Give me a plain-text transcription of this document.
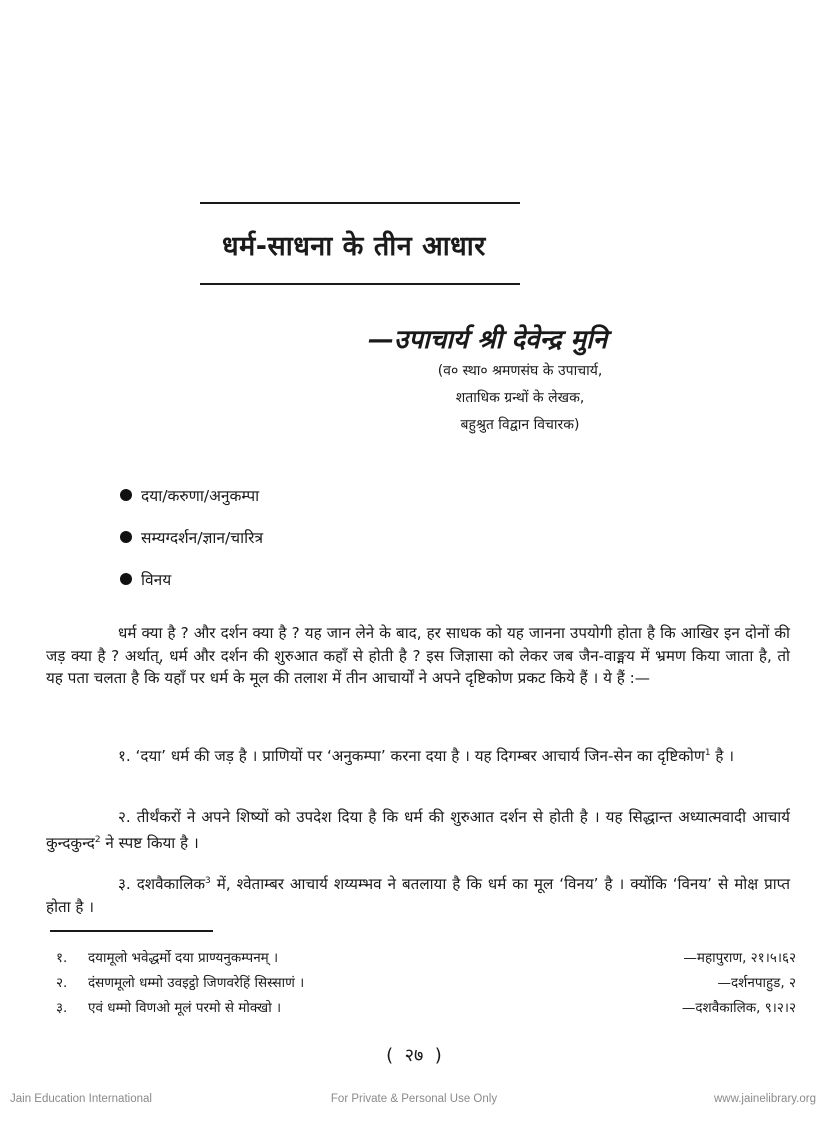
धर्म-साधना के तीन आधार
—उपाचार्य श्री देवेन्द्र मुनि
(व० स्था० श्रमणसंघ के उपाचार्य,
शताधिक ग्रन्थों के लेखक,
बहुश्रुत विद्वान विचारक)
दया/करुणा/अनुकम्पा
सम्यग्दर्शन/ज्ञान/चारित्र
विनय
धर्म क्या है ? और दर्शन क्या है ? यह जान लेने के बाद, हर साधक को यह जानना उपयोगी होता है कि आखिर इन दोनों की जड़ क्या है ? अर्थात्, धर्म और दर्शन की शुरुआत कहाँ से होती है ? इस जिज्ञासा को लेकर जब जैन-वाङ्मय में भ्रमण किया जाता है, तो यह पता चलता है कि यहाँ पर धर्म के मूल की तलाश में तीन आचार्यों ने अपने दृष्टिकोण प्रकट किये हैं । ये हैं :—
१. ‘दया’ धर्म की जड़ है । प्राणियों पर ‘अनुकम्पा’ करना दया है । यह दिगम्बर आचार्य जिन-सेन का दृष्टिकोण$^1$ है ।
२. तीर्थंकरों ने अपने शिष्यों को उपदेश दिया है कि धर्म की शुरुआत दर्शन से होती है । यह सिद्धान्त अध्यात्मवादी आचार्य कुन्दकुन्द$^2$ ने स्पष्ट किया है ।
३. दशवैकालिक$^3$ में, श्वेताम्बर आचार्य शय्यम्भव ने बतलाया है कि धर्म का मूल ‘विनय’ है । क्योंकि ‘विनय’ से मोक्ष प्राप्त होता है ।
१. दयामूलो भवेद्धर्मो दया प्राण्यनुकम्पनम् ।	—महापुराण, २१।५।६२
२. दंसणमूलो धम्मो उवइट्ठो जिणवरेहिं सिस्साणं ।	—दर्शनपाहुड, २
३. एवं धम्मो विणओ मूलं परमो से मोक्खो ।	—दशवैकालिक, ९।२।२
(  २७  )
Jain Education International	For Private & Personal Use Only	www.jainelibrary.org
